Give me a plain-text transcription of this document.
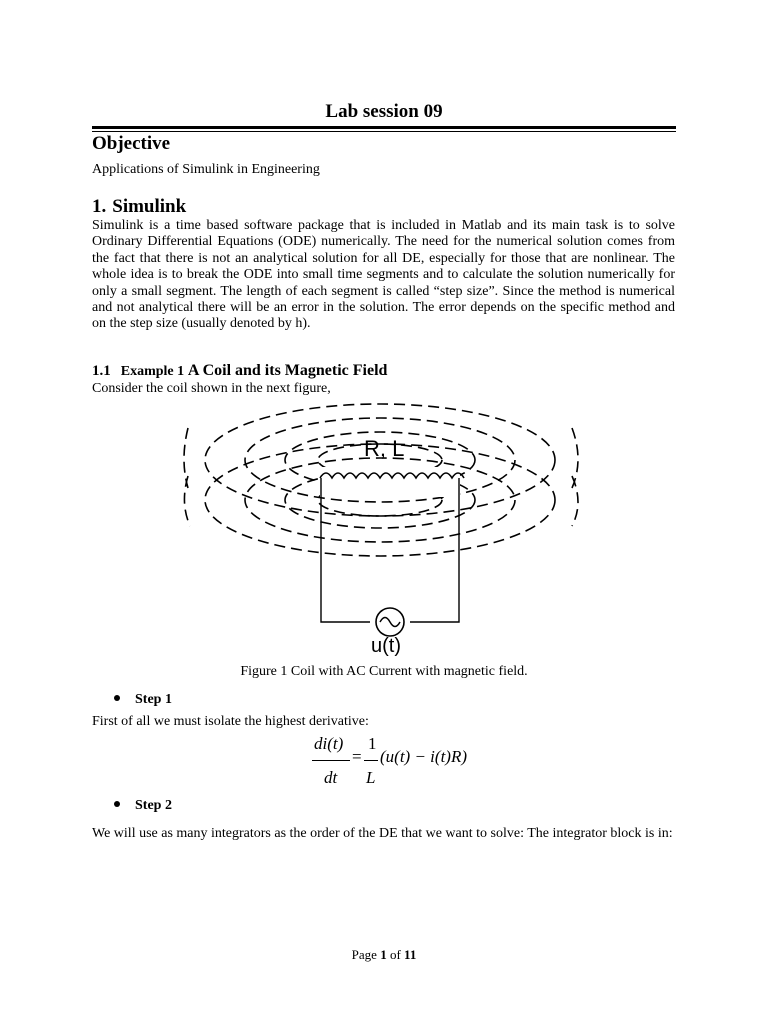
Lab session 09
Objective
Applications of Simulink in Engineering
1. Simulink
Simulink is a time based software package that is included in Matlab and its main task is to solve Ordinary Differential Equations (ODE) numerically. The need for the numerical solution comes from the fact that there is not an analytical solution for all DE, especially for those that are nonlinear. The whole idea is to break the ODE into small time segments and to calculate the solution numerically for only a small segment. The length of each segment is called “step size”. Since the method is numerical and not analytical there will be an error in the solution. The error depends on the specific method and on the step size (usually denoted by h).
1.1 Example 1 A Coil and its Magnetic Field
Consider the coil shown in the next figure,
R, L
u(t)
Figure 1 Coil with AC Current with magnetic field.
Step 1
First of all we must isolate the highest derivative:
di(t)
dt
=
1
L
(u(t) − i(t)R)
Step 2
We will use as many integrators as the order of the DE that we want to solve: The integrator block is in:
Page 1 of 11
